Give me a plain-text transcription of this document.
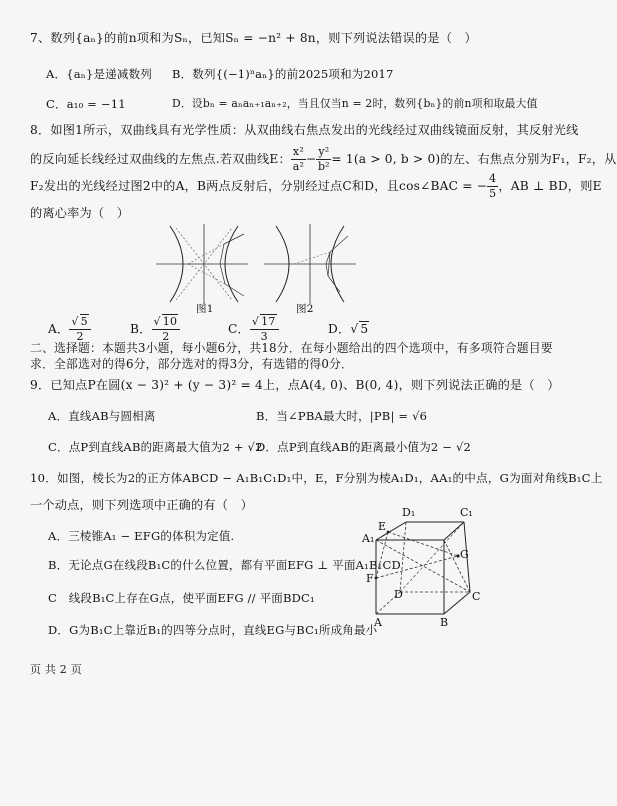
7、数列{aₙ}的前n项和为Sₙ，已知Sₙ = −n² + 8n，则下列说法错误的是（　）
A．{aₙ}是递减数列 B．数列{(−1)ⁿaₙ}的前2025项和为2017
C．a₁₀ = −11	D．设bₙ = aₙaₙ₊₁aₙ₊₂，当且仅当n = 2时，数列{bₙ}的前n项和取最大值
8．如图1所示，双曲线具有光学性质：从双曲线右焦点发出的光线经过双曲线镜面反射，其反射光线
的反向延长线经过双曲线的左焦点.若双曲线E： $\frac{\text{x²}}{\text{a²}} - \frac{\text{y²}}{\text{b²}} = 1(a > 0$, b > 0)的左、右焦点分别为F₁，F₂，从
F₂发出的光线经过图2中的A，B两点反射后，分别经过点C和D，且cos∠BAC = − $\frac{4}{5}$ ，AB ⊥ BD，则E
的离心率为（　）
图1	图2
A． $\frac{√ 5}{2}$	B． $\frac{√ 10}{2}$	C． $\frac{√ 17}{3}$	D．√ 5
二、选择题：本题共3小题，每小题6分，共18分．在每小题给出的四个选项中，有多项符合题目要
求．全部选对的得6分，部分选对的得3分，有选错的得0分．
9．已知点P在圆(x − 3)² + (y − 3)² = 4上，点A(4, 0)、B(0, 4)，则下列说法正确的是（　）
A．直线AB与圆相离	B．当∠PBA最大时，|PB| = √6
C．点P到直线AB的距离最大值为2 + √2
D．点P到直线AB的距离最小值为2 − √2
10．如图，棱长为2的正方体ABCD − A₁B₁C₁D₁中，E，F分别为棱A₁D₁，AA₁的中点，G为面对角线B₁C上
一个动点，则下列选项中正确的有（　）
A．三棱锥A₁ − EFG的体积为定值.
B．无论点G在线段B₁C的什么位置，都有平面EFG ⊥ 平面A₁B₁CD
C　线段B₁C上存在G点，使平面EFG // 平面BDC₁
D．G为B₁C上靠近B₁的四等分点时，直线EG与BC₁所成角最小
D₁	C₁
E
A₁
G
F
D	C
A	B
页 共 2 页
